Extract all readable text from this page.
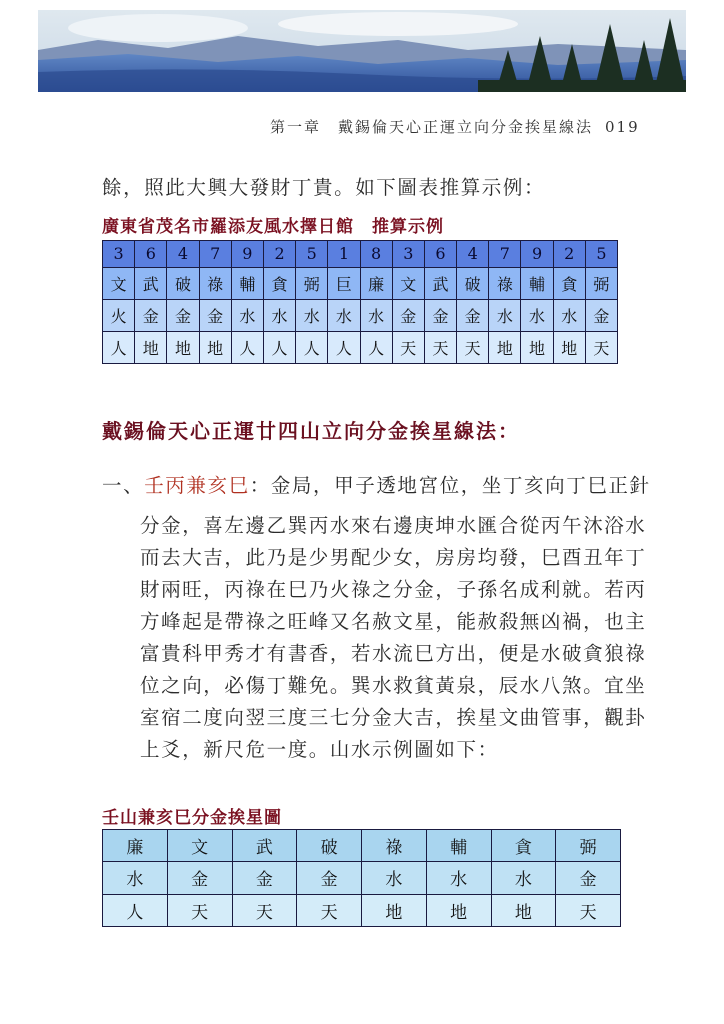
第一章　戴錫倫天心正運立向分金挨星線法 019
餘，照此大興大發財丁貴。如下圖表推算示例：
廣東省茂名市羅添友風水擇日館　推算示例
3	6	4	7	9	2	5	1	8	3	6	4	7	9	2	5
文	武	破	祿	輔	貪	弼	巨	廉	文	武	破	祿	輔	貪	弼
火	金	金	金	水	水	水	水	水	金	金	金	水	水	水	金
人	地	地	地	人	人	人	人	人	天	天	天	地	地	地	天
戴錫倫天心正運廿四山立向分金挨星線法：
一、壬丙兼亥巳：金局，甲子透地宮位，坐丁亥向丁巳正針
分金，喜左邊乙巽丙水來右邊庚坤水匯合從丙午沐浴水
而去大吉，此乃是少男配少女，房房均發，巳酉丑年丁
財兩旺，丙祿在巳乃火祿之分金，子孫名成利就。若丙
方峰起是帶祿之旺峰又名赦文星，能赦殺無凶禍，也主
富貴科甲秀才有書香，若水流巳方出，便是水破貪狼祿
位之向，必傷丁難免。巽水救貧黃泉，辰水八煞。宜坐
室宿二度向翌三度三七分金大吉，挨星文曲管事，觀卦
上爻，新尺危一度。山水示例圖如下：
壬山兼亥巳分金挨星圖
廉	文	武	破	祿	輔	貪	弼
水	金	金	金	水	水	水	金
人	天	天	天	地	地	地	天
